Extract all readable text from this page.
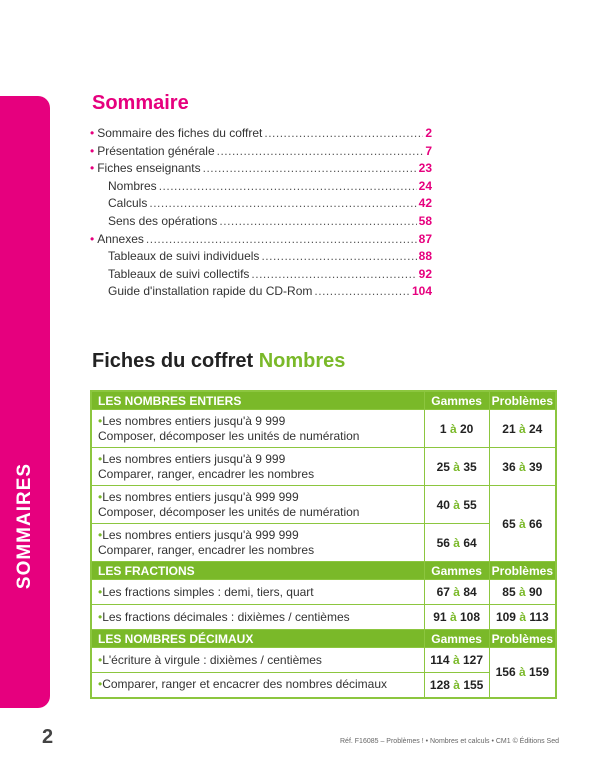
SOMMAIRES
Sommaire
• Sommaire des fiches du coffret .....	2
• Présentation générale .....	7
• Fiches enseignants .....	23
Nombres .....	24
Calculs .....	42
Sens des opérations .....	58
• Annexes .....	87
Tableaux de suivi individuels .....	88
Tableaux de suivi collectifs .....	92
Guide d'installation rapide du CD-Rom .....	104
Fiches du coffret Nombres
LES NOMBRES ENTIERS	Gammes	Problèmes
•Les nombres entiers jusqu'à 9 999
Composer, décomposer les unités de numération	1 à 20	21 à 24
•Les nombres entiers jusqu'à 9 999
Comparer, ranger, encadrer les nombres	25 à 35	36 à 39
•Les nombres entiers jusqu'à 999 999
Composer, décomposer les unités de numération	40 à 55	65 à 66
•Les nombres entiers jusqu'à 999 999
Comparer, ranger, encadrer les nombres	56 à 64	
LES FRACTIONS	Gammes	Problèmes
•Les fractions simples : demi, tiers, quart	67 à 84	85 à 90
•Les fractions décimales : dixièmes / centièmes	91 à 108	109 à 113
LES NOMBRES DÉCIMAUX	Gammes	Problèmes
•L'écriture à virgule : dixièmes / centièmes	114 à 127	156 à 159
•Comparer, ranger et encacrer des nombres décimaux	128 à 155	
2	Réf. F16085 – Problèmes ! • Nombres et calculs • CM1 © Éditions Sed
